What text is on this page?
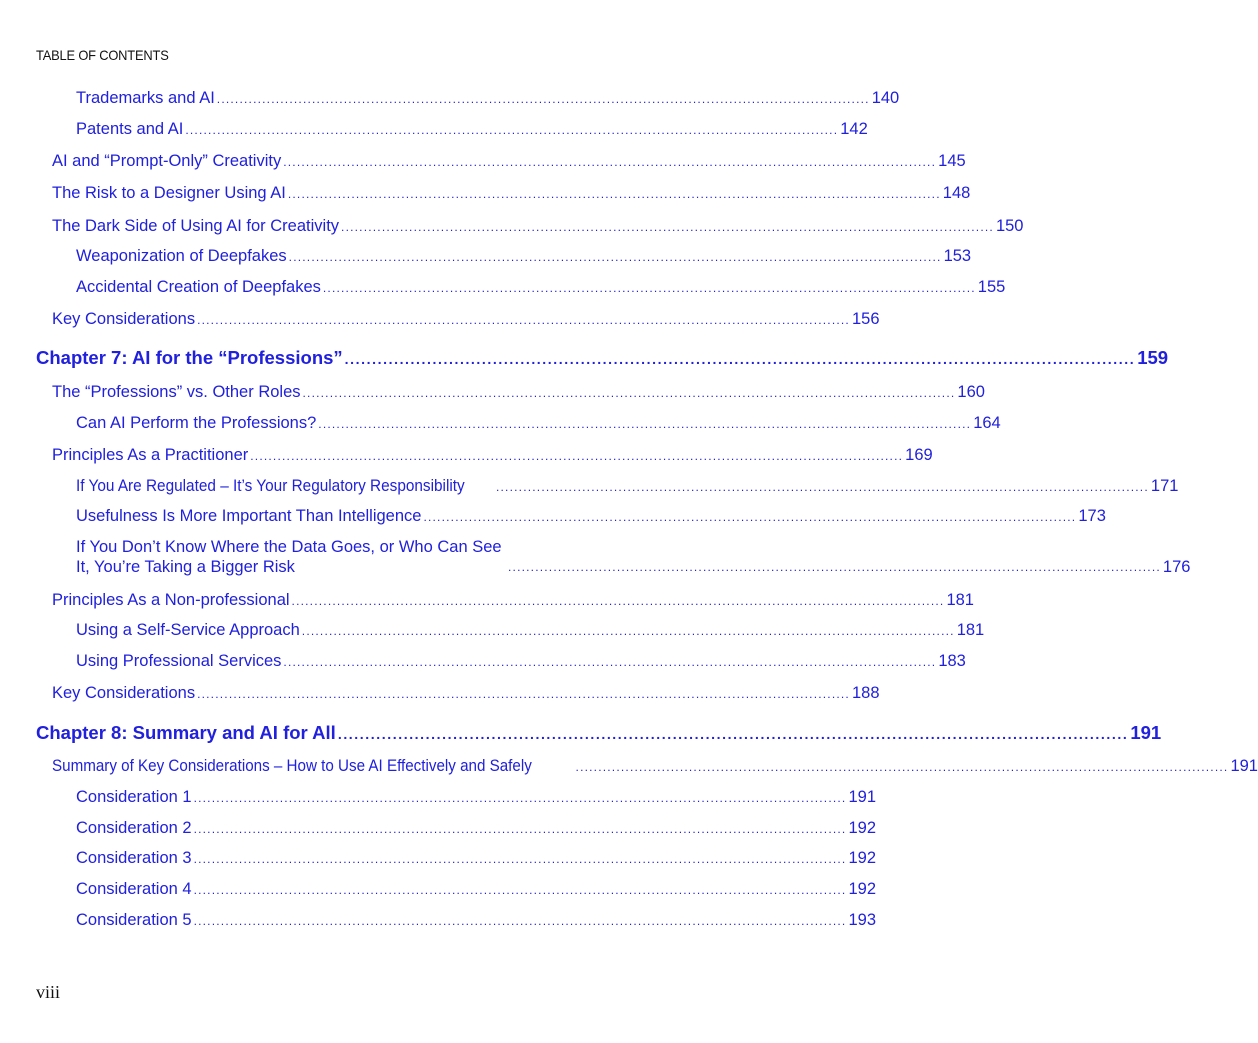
TABLE OF CONTENTS
Trademarks and AI ................................................................................................................................................ 140
Patents and AI ................................................................................................................................................ 142
AI and “Prompt-Only” Creativity ................................................................................................................................................ 145
The Risk to a Designer Using AI ................................................................................................................................................ 148
The Dark Side of Using AI for Creativity ................................................................................................................................................ 150
Weaponization of Deepfakes ................................................................................................................................................ 153
Accidental Creation of Deepfakes ................................................................................................................................................ 155
Key Considerations ................................................................................................................................................ 156
Chapter 7: AI for the “Professions” ................................................................................................................................................ 159
The “Professions” vs. Other Roles ................................................................................................................................................ 160
Can AI Perform the Professions? ................................................................................................................................................ 164
Principles As a Practitioner ................................................................................................................................................ 169
If You Are Regulated – It’s Your Regulatory Responsibility	................................................................................................................................................ 171
Usefulness Is More Important Than Intelligence ................................................................................................................................................ 173
If You Don’t Know Where the Data Goes, or Who Can See It, You’re Taking a Bigger Risk	................................................................................................................................................ 176
Principles As a Non-professional ................................................................................................................................................ 181
Using a Self-Service Approach ................................................................................................................................................ 181
Using Professional Services ................................................................................................................................................ 183
Key Considerations ................................................................................................................................................ 188
Chapter 8: Summary and AI for All ................................................................................................................................................ 191
Summary of Key Considerations – How to Use AI Effectively and Safely	................................................................................................................................................ 191
Consideration 1 ................................................................................................................................................ 191
Consideration 2 ................................................................................................................................................ 192
Consideration 3 ................................................................................................................................................ 192
Consideration 4 ................................................................................................................................................ 192
Consideration 5 ................................................................................................................................................ 193
viii
